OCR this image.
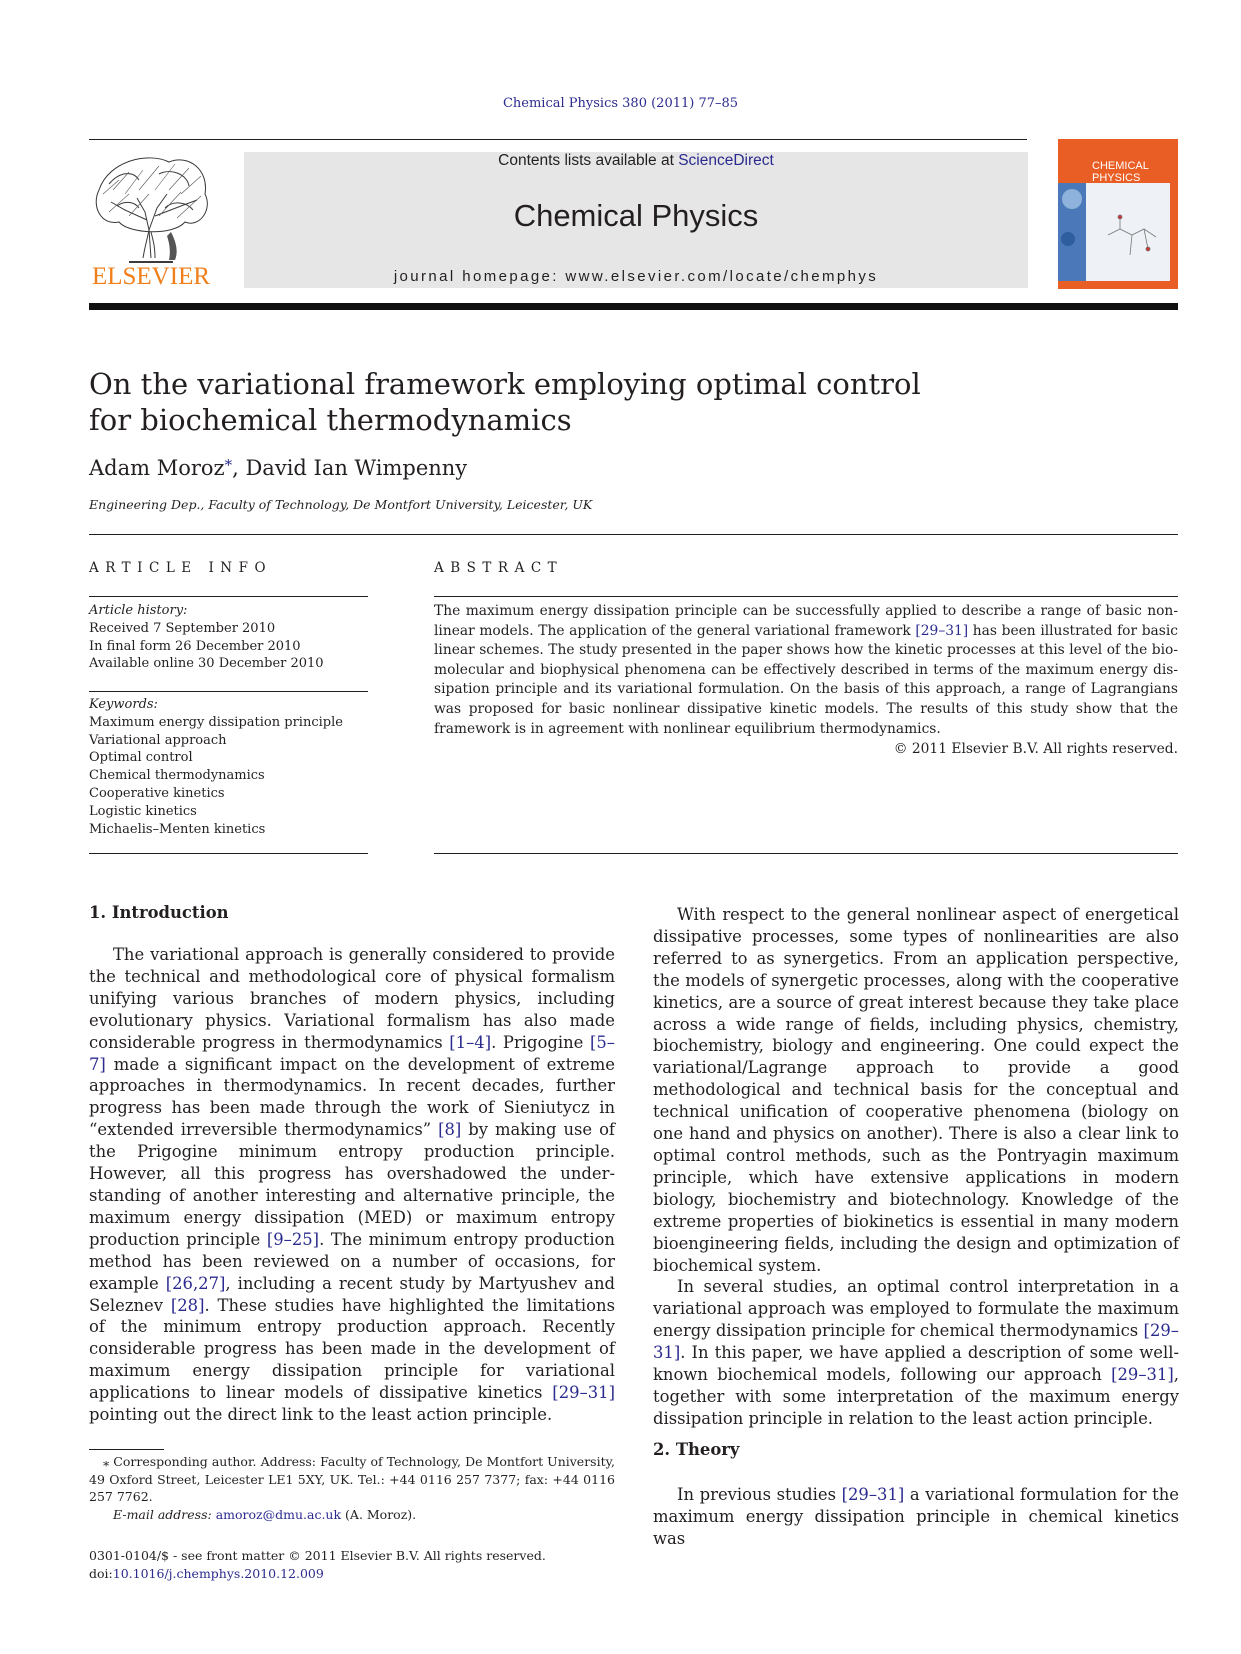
Chemical Physics 380 (2011) 77–85
ELSEVIER
Contents lists available at ScienceDirect
Chemical Physics
journal homepage: www.elsevier.com/locate/chemphys
CHEMICAL
PHYSICS
On the variational framework employing optimal control
for biochemical thermodynamics
Adam Moroz*, David Ian Wimpenny
Engineering Dep., Faculty of Technology, De Montfort University, Leicester, UK
ARTICLE INFO
Article history:
Received 7 September 2010
In final form 26 December 2010
Available online 30 December 2010
Keywords:
Maximum energy dissipation principle
Variational approach
Optimal control
Chemical thermodynamics
Cooperative kinetics
Logistic kinetics
Michaelis–Menten kinetics
ABSTRACT
The maximum energy dissipation principle can be successfully applied to describe a range of basic nonlinear models. The application of the general variational framework [29–31] has been illustrated for basic linear schemes. The study presented in the paper shows how the kinetic processes at this level of the biomolecular and biophysical phenomena can be effectively described in terms of the maximum energy dissipation principle and its variational formulation. On the basis of this approach, a range of Lagrangians was proposed for basic nonlinear dissipative kinetic models. The results of this study show that the framework is in agreement with nonlinear equilibrium thermodynamics.
© 2011 Elsevier B.V. All rights reserved.
1. Introduction

The variational approach is generally considered to provide the technical and methodological core of physical formalism unifying various branches of modern physics, including evolutionary physics. Variational formalism has also made considerable progress in thermodynamics [1–4]. Prigogine [5–7] made a significant impact on the development of extreme approaches in thermodynamics. In recent decades, further progress has been made through the work of Sieniutycz in “extended irreversible thermodynamics” [8] by making use of the Prigogine minimum entropy production principle. However, all this progress has overshadowed the understanding of another interesting and alternative principle, the maximum energy dissipation (MED) or maximum entropy production principle [9–25]. The minimum entropy production method has been reviewed on a number of occasions, for example [26,27], including a recent study by Martyushev and Seleznev [28]. These studies have highlighted the limitations of the minimum entropy production approach. Recently considerable progress has been made in the development of maximum energy dissipation principle for variational applications to linear models of dissipative kinetics [29–31] pointing out the direct link to the least action principle.

With respect to the general nonlinear aspect of energetical dissipative processes, some types of nonlinearities are also referred to as synergetics. From an application perspective, the models of synergetic processes, along with the cooperative kinetics, are a source of great interest because they take place across a wide range of fields, including physics, chemistry, biochemistry, biology and engineering. One could expect the variational/Lagrange approach to provide a good methodological and technical basis for the conceptual and technical unification of cooperative phenomena (biology on one hand and physics on another). There is also a clear link to optimal control methods, such as the Pontryagin maximum principle, which have extensive applications in modern biology, biochemistry and biotechnology. Knowledge of the extreme properties of biokinetics is essential in many modern bioengineering fields, including the design and optimization of biochemical system.

In several studies, an optimal control interpretation in a variational approach was employed to formulate the maximum energy dissipation principle for chemical thermodynamics [29–31]. In this paper, we have applied a description of some well-known biochemical models, following our approach [29–31], together with some interpretation of the maximum energy dissipation principle in relation to the least action principle.

2. Theory

In previous studies [29–31] a variational formulation for the maximum energy dissipation principle in chemical kinetics was

⁎ Corresponding author. Address: Faculty of Technology, De Montfort University, 49 Oxford Street, Leicester LE1 5XY, UK. Tel.: +44 0116 257 7377; fax: +44 0116 257 7762.
E-mail address: amoroz@dmu.ac.uk (A. Moroz).
0301-0104/$ - see front matter © 2011 Elsevier B.V. All rights reserved.
doi:10.1016/j.chemphys.2010.12.009
